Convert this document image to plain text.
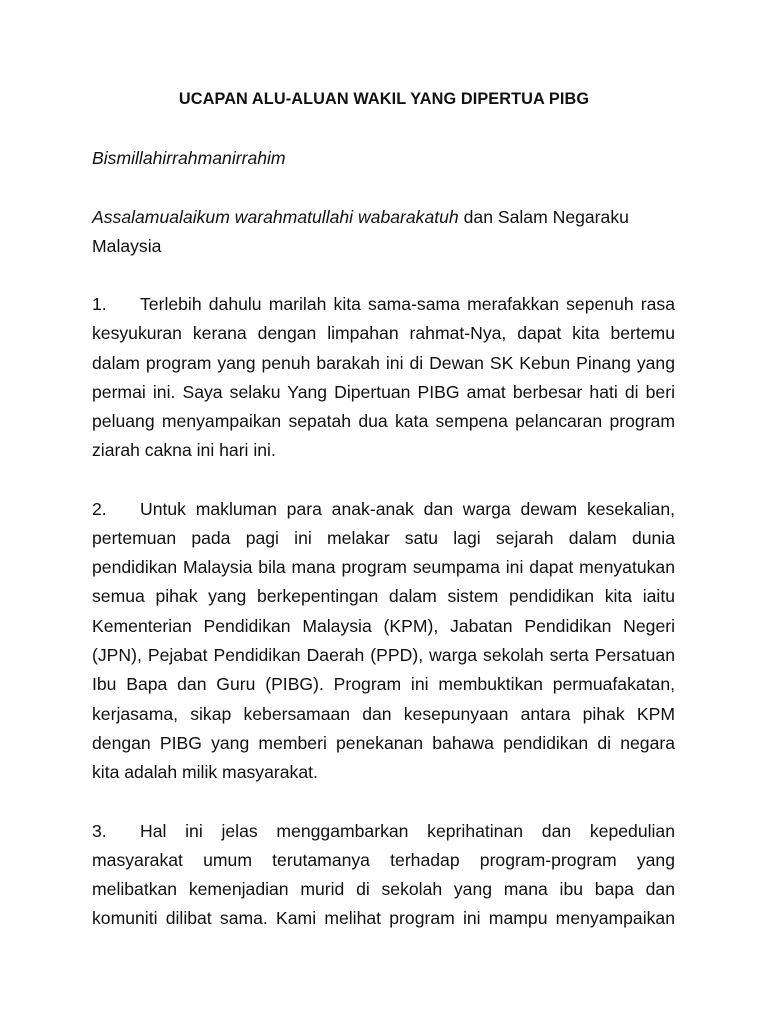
UCAPAN ALU-ALUAN WAKIL YANG DIPERTUA PIBG
Bismillahirrahmanirrahim
Assalamualaikum warahmatullahi wabarakatuh dan Salam Negaraku
Malaysia
1. Terlebih dahulu marilah kita sama-sama merafakkan sepenuh rasa
kesyukuran kerana dengan limpahan rahmat-Nya, dapat kita bertemu
dalam program yang penuh barakah ini di Dewan SK Kebun Pinang yang
permai ini. Saya selaku Yang Dipertuan PIBG amat berbesar hati di beri
peluang menyampaikan sepatah dua kata sempena pelancaran program
ziarah cakna ini hari ini.
2. Untuk makluman para anak-anak dan warga dewam kesekalian,
pertemuan pada pagi ini melakar satu lagi sejarah dalam dunia
pendidikan Malaysia bila mana program seumpama ini dapat menyatukan
semua pihak yang berkepentingan dalam sistem pendidikan kita iaitu
Kementerian Pendidikan Malaysia (KPM), Jabatan Pendidikan Negeri
(JPN), Pejabat Pendidikan Daerah (PPD), warga sekolah serta Persatuan
Ibu Bapa dan Guru (PIBG). Program ini membuktikan permuafakatan,
kerjasama, sikap kebersamaan dan kesepunyaan antara pihak KPM
dengan PIBG yang memberi penekanan bahawa pendidikan di negara
kita adalah milik masyarakat.
3. Hal ini jelas menggambarkan keprihatinan dan kepedulian
masyarakat umum terutamanya terhadap program-program yang
melibatkan kemenjadian murid di sekolah yang mana ibu bapa dan
komuniti dilibat sama. Kami melihat program ini mampu menyampaikan
